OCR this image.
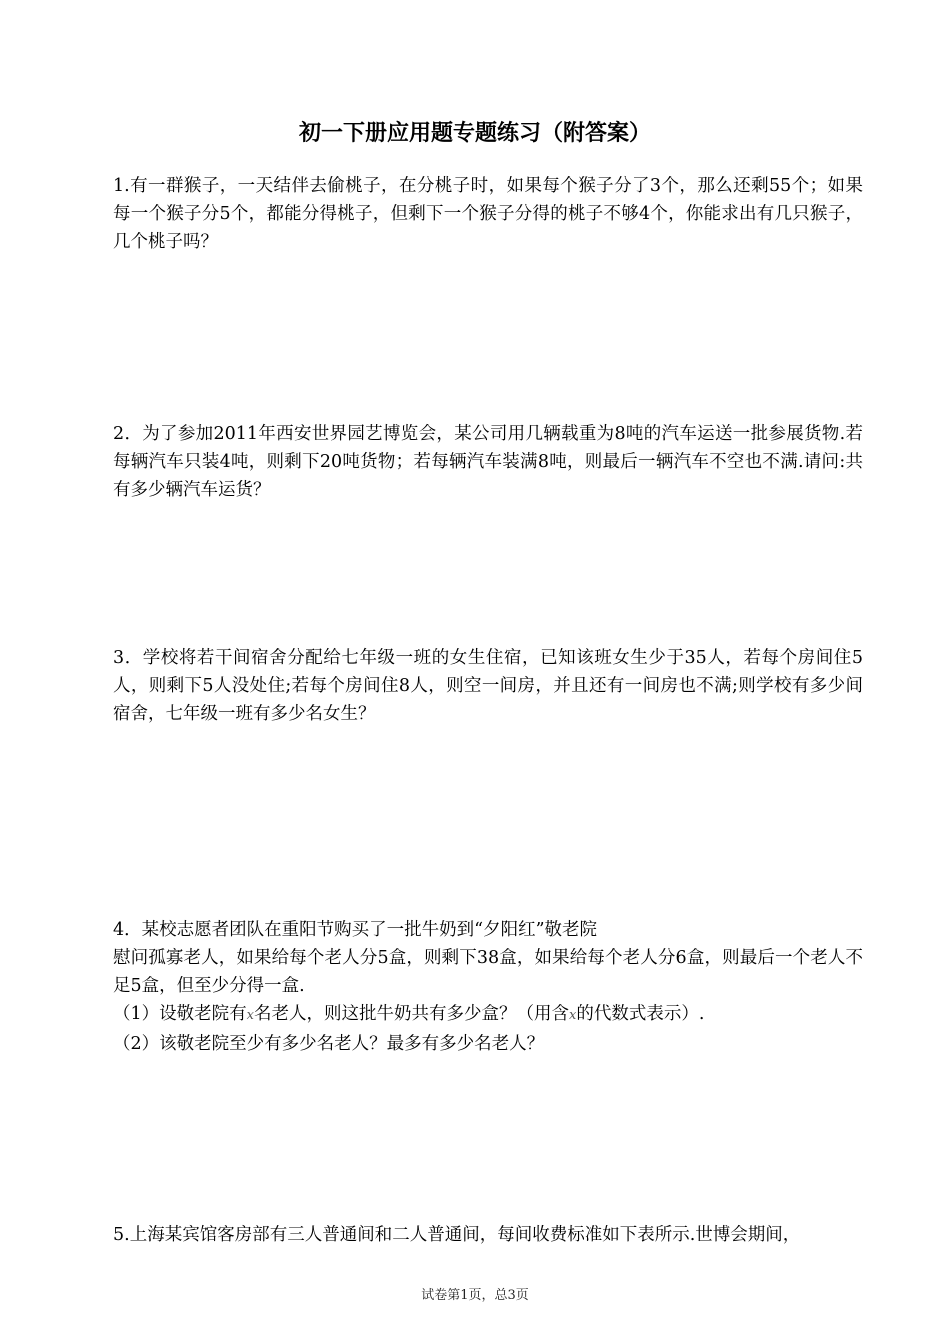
初一下册应用题专题练习（附答案）

1.有一群猴子，一天结伴去偷桃子，在分桃子时，如果每个猴子分了3个，那么还剩55个；如果每一个猴子分5个，都能分得桃子，但剩下一个猴子分得的桃子不够4个，你能求出有几只猴子，几个桃子吗？

2．为了参加2011年西安世界园艺博览会，某公司用几辆载重为8吨的汽车运送一批参展货物.若每辆汽车只装4吨，则剩下20吨货物；若每辆汽车装满8吨，则最后一辆汽车不空也不满.请问:共有多少辆汽车运货？

3．学校将若干间宿舍分配给七年级一班的女生住宿，已知该班女生少于35人，若每个房间住5人，则剩下5人没处住;若每个房间住8人，则空一间房，并且还有一间房也不满;则学校有多少间宿舍，七年级一班有多少名女生？

4．某校志愿者团队在重阳节购买了一批牛奶到“夕阳红”敬老院

慰问孤寡老人，如果给每个老人分5盒，则剩下38盒，如果给每个老人分6盒，则最后一个老人不足5盒，但至少分得一盒.

（1）设敬老院有x名老人，则这批牛奶共有多少盒？（用含x的代数式表示）.

（2）该敬老院至少有多少名老人？最多有多少名老人？

5.上海某宾馆客房部有三人普通间和二人普通间，每间收费标准如下表所示.世博会期间，

试卷第1页，总3页
